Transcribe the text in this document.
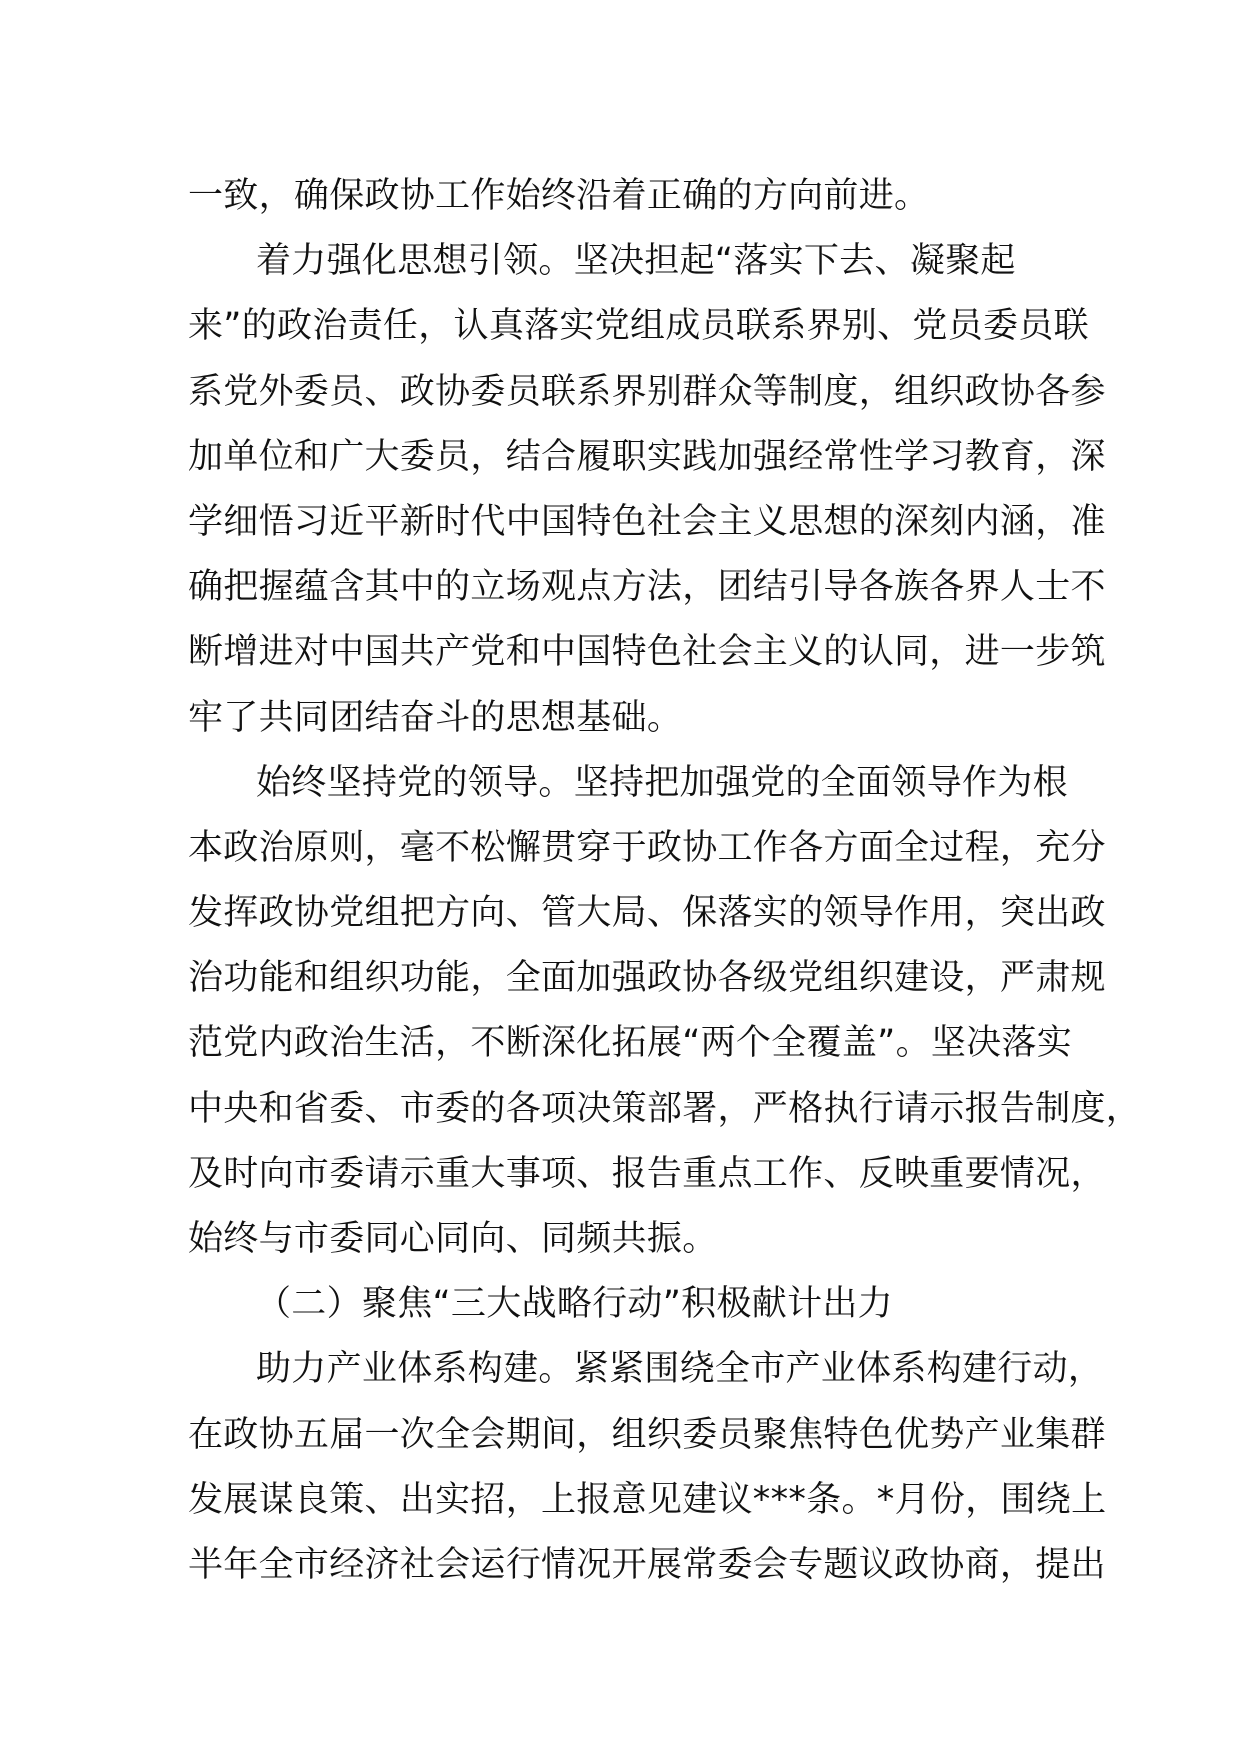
一致，确保政协工作始终沿着正确的方向前进。
着力强化思想引领。坚决担起“落实下去、凝聚起
来”的政治责任，认真落实党组成员联系界别、党员委员联
系党外委员、政协委员联系界别群众等制度，组织政协各参
加单位和广大委员，结合履职实践加强经常性学习教育，深
学细悟习近平新时代中国特色社会主义思想的深刻内涵，准
确把握蕴含其中的立场观点方法，团结引导各族各界人士不
断增进对中国共产党和中国特色社会主义的认同，进一步筑
牢了共同团结奋斗的思想基础。
始终坚持党的领导。坚持把加强党的全面领导作为根
本政治原则，毫不松懈贯穿于政协工作各方面全过程，充分
发挥政协党组把方向、管大局、保落实的领导作用，突出政
治功能和组织功能，全面加强政协各级党组织建设，严肃规
范党内政治生活，不断深化拓展“两个全覆盖”。坚决落实
中央和省委、市委的各项决策部署，严格执行请示报告制度，
及时向市委请示重大事项、报告重点工作、反映重要情况，
始终与市委同心同向、同频共振。
（二）聚焦“三大战略行动”积极献计出力
助力产业体系构建。紧紧围绕全市产业体系构建行动，
在政协五届一次全会期间，组织委员聚焦特色优势产业集群
发展谋良策、出实招，上报意见建议***条。*月份，围绕上
半年全市经济社会运行情况开展常委会专题议政协商，提出
